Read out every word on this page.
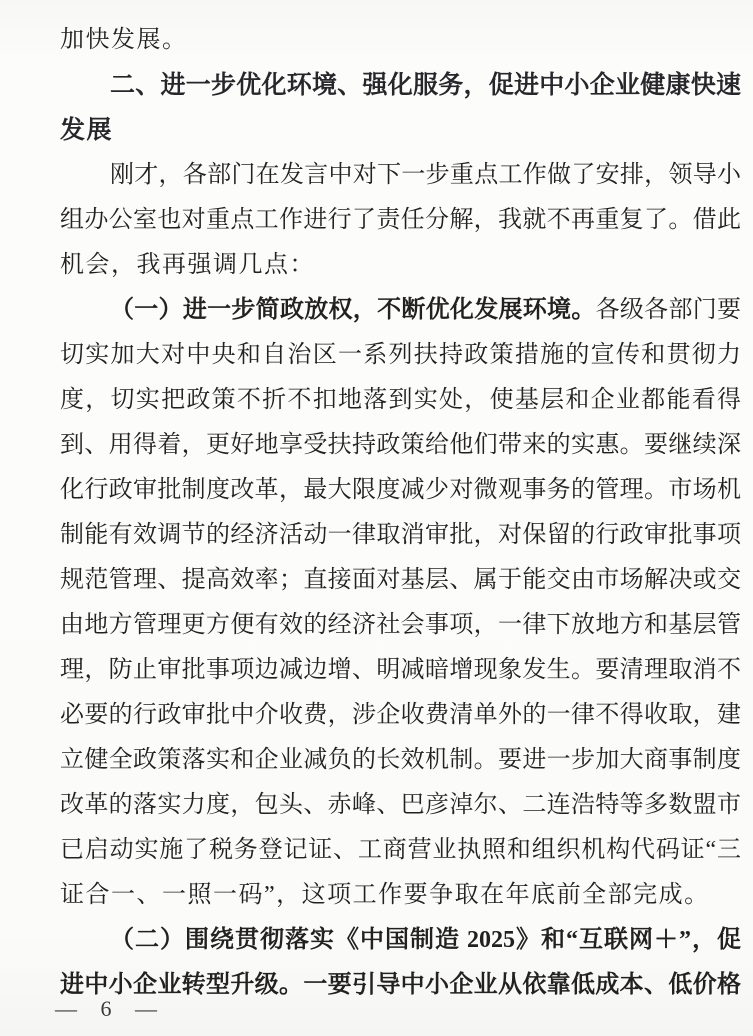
加快发展。
二、进一步优化环境、强化服务，促进中小企业健康快速
发展
刚才，各部门在发言中对下一步重点工作做了安排，领导小
组办公室也对重点工作进行了责任分解，我就不再重复了。借此
机会，我再强调几点：
（一）进一步简政放权，不断优化发展环境。各级各部门要
切实加大对中央和自治区一系列扶持政策措施的宣传和贯彻力
度，切实把政策不折不扣地落到实处，使基层和企业都能看得
到、用得着，更好地享受扶持政策给他们带来的实惠。要继续深
化行政审批制度改革，最大限度减少对微观事务的管理。市场机
制能有效调节的经济活动一律取消审批，对保留的行政审批事项
规范管理、提高效率；直接面对基层、属于能交由市场解决或交
由地方管理更方便有效的经济社会事项，一律下放地方和基层管
理，防止审批事项边减边增、明减暗增现象发生。要清理取消不
必要的行政审批中介收费，涉企收费清单外的一律不得收取，建
立健全政策落实和企业减负的长效机制。要进一步加大商事制度
改革的落实力度，包头、赤峰、巴彦淖尔、二连浩特等多数盟市
已启动实施了税务登记证、工商营业执照和组织机构代码证“三
证合一、一照一码”，这项工作要争取在年底前全部完成。
（二）围绕贯彻落实《中国制造 2025》和“互联网＋”，促
进中小企业转型升级。一要引导中小企业从依靠低成本、低价格
— 6 —
